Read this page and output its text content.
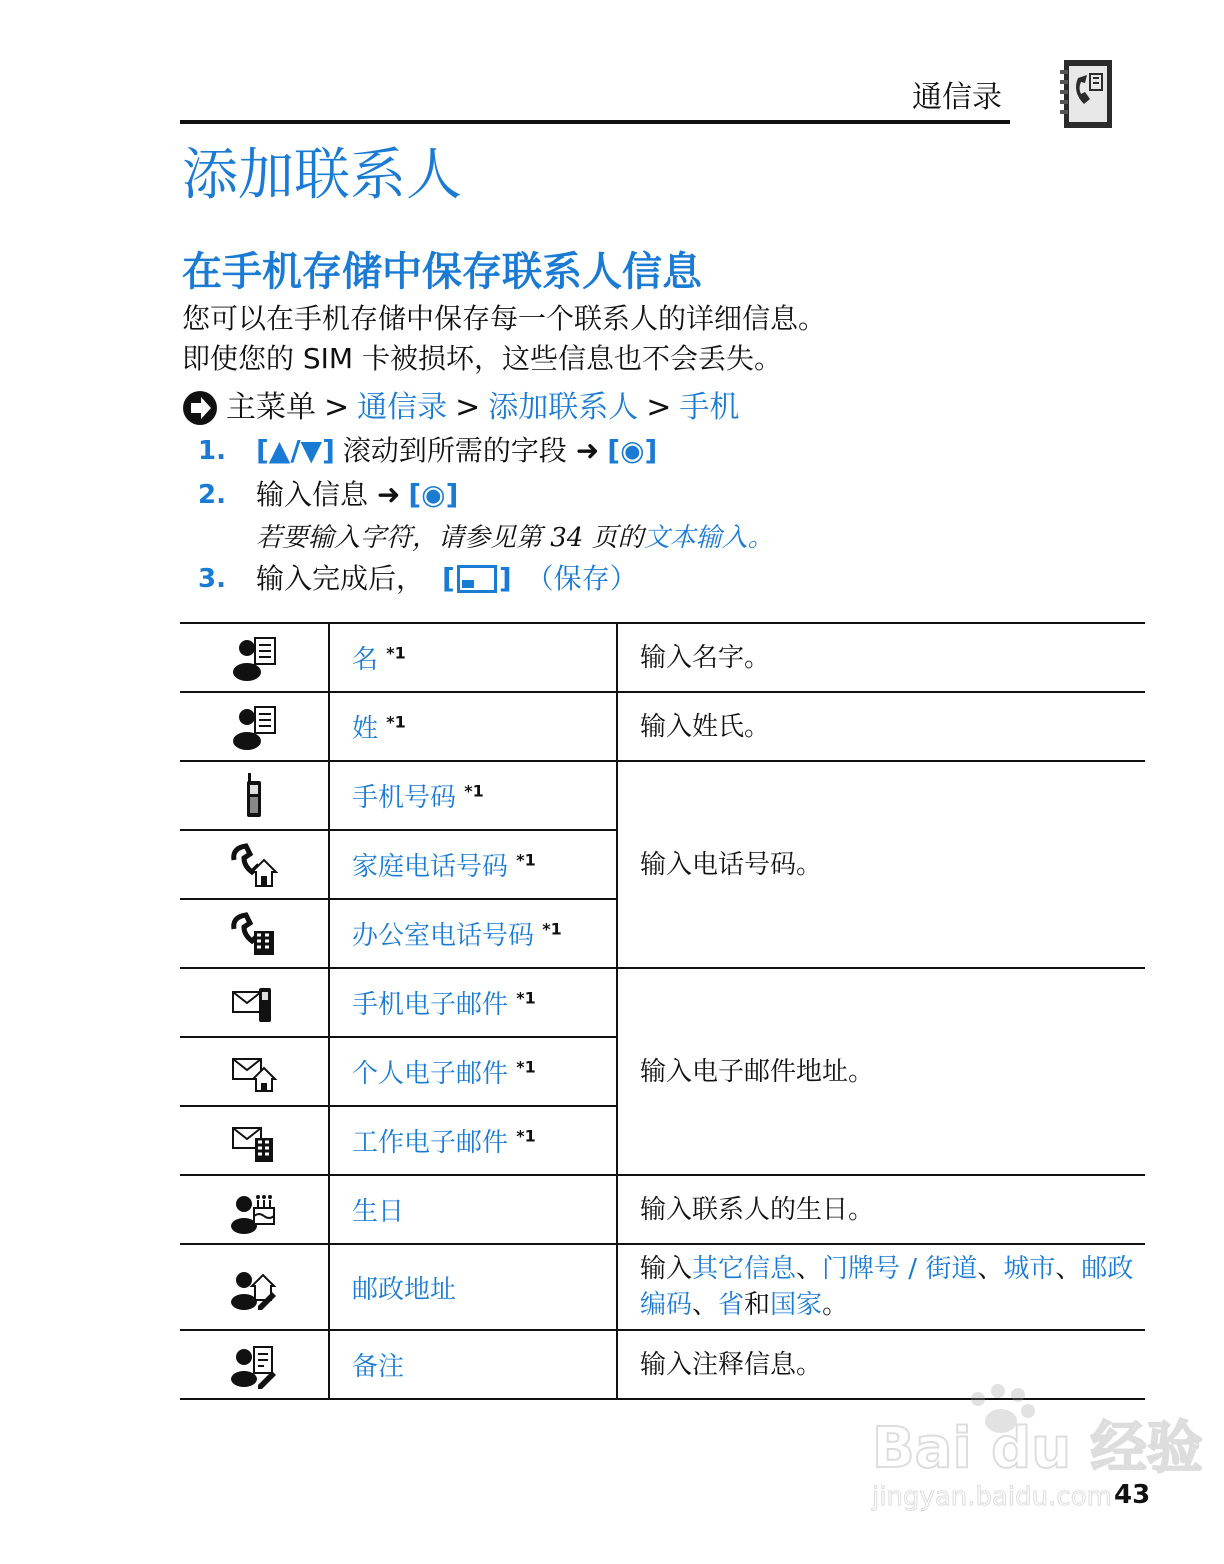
通信录
添加联系人
在手机存储中保存联系人信息
您可以在手机存储中保存每一个联系人的详细信息。
即使您的 SIM 卡被损坏，这些信息也不会丢失。
主菜单 > 通信录 > 添加联系人 > 手机
1.	[▲/▼] 滚动到所需的字段 ➜ [◉]
2.	输入信息 ➜ [◉]
若要输入字符，请参见第 34 页的文本输入。
3.	输入完成后， [ ] （保存）
	名 $^{*1}$	输入名字。

	姓 $^{*1}$	输入姓氏。

	手机号码 $^{*1}$	输入电话号码。

	家庭电话号码 $^{*1}$

	办公室电话号码 $^{*1}$

	手机电子邮件 $^{*1}$	输入电子邮件地址。

	个人电子邮件 $^{*1}$

	工作电子邮件 $^{*1}$

	生日	输入联系人的生日。

	邮政地址	输入其它信息、门牌号 / 街道、城市、邮政编码、省和国家。

	备注	输入注释信息。
Bai du 经验
jingyan.baidu.com 43
